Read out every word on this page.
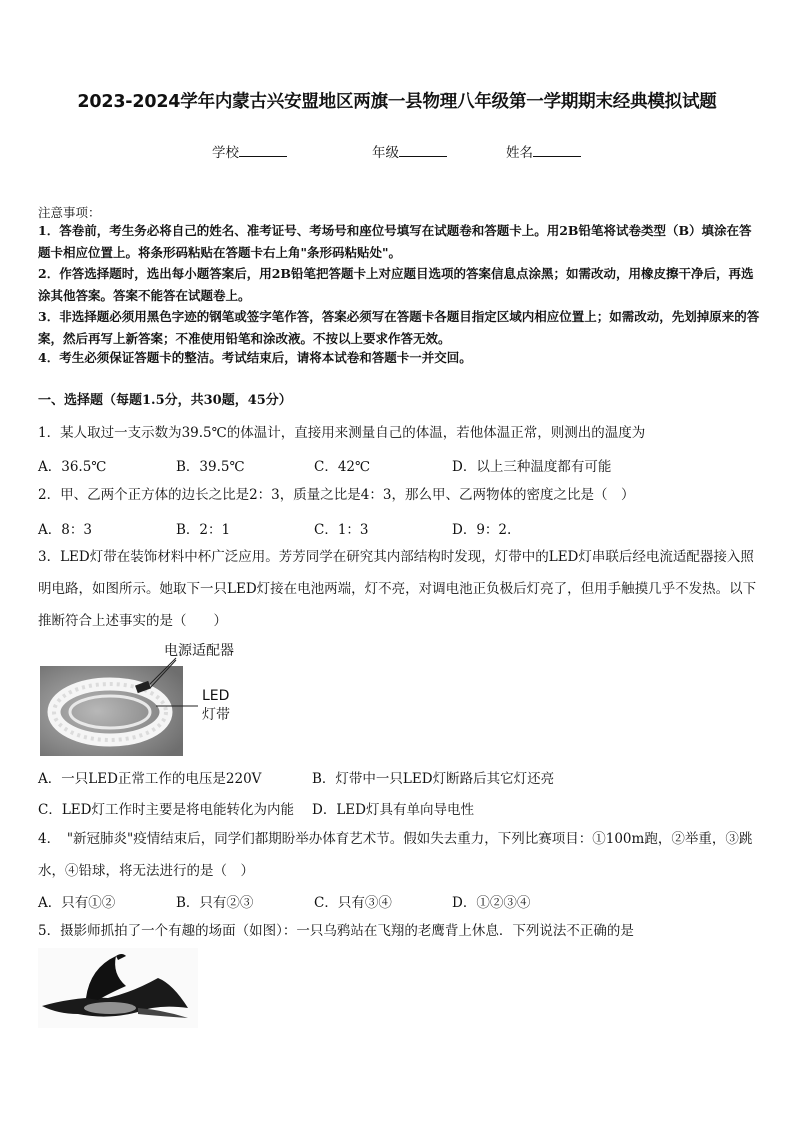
2023-2024学年内蒙古兴安盟地区两旗一县物理八年级第一学期期末经典模拟试题
学校	年级	姓名
注意事项：
1．答卷前，考生务必将自己的姓名、准考证号、考场号和座位号填写在试题卷和答题卡上。用2B铅笔将试卷类型（B）填涂在答题卡相应位置上。将条形码粘贴在答题卡右上角"条形码粘贴处"。
2．作答选择题时，选出每小题答案后，用2B铅笔把答题卡上对应题目选项的答案信息点涂黑；如需改动，用橡皮擦干净后，再选涂其他答案。答案不能答在试题卷上。
3．非选择题必须用黑色字迹的钢笔或签字笔作答，答案必须写在答题卡各题目指定区域内相应位置上；如需改动，先划掉原来的答案，然后再写上新答案；不准使用铅笔和涂改液。不按以上要求作答无效。
4．考生必须保证答题卡的整洁。考试结束后，请将本试卷和答题卡一并交回。
一、选择题（每题1.5分，共30题，45分）
1．某人取过一支示数为39.5℃的体温计，直接用来测量自己的体温，若他体温正常，则测出的温度为
A．36.5℃	B．39.5℃	C．42℃	D．以上三种温度都有可能
2．甲、乙两个正方体的边长之比是2：3，质量之比是4：3，那么甲、乙两物体的密度之比是（　）
A．8：3	B．2：1	C．1：3	D．9：2.
3．LED灯带在装饰材料中杯广泛应用。芳芳同学在研究其内部结构时发现，灯带中的LED灯串联后经电流适配器接入照明电路，如图所示。她取下一只LED灯接在电池两端，灯不亮，对调电池正负极后灯亮了，但用手触摸几乎不发热。以下推断符合上述事实的是（　　）
电源适配器
LED
灯带
A．一只LED正常工作的电压是220V	B．灯带中一只LED灯断路后其它灯还亮
C．LED灯工作时主要是将电能转化为内能 D．LED灯具有单向导电性
4．　"新冠肺炎"疫情结束后，同学们都期盼举办体育艺术节。假如失去重力，下列比赛项目：①100m跑，②举重，③跳水，④铅球，将无法进行的是（　）
A．只有①②	B．只有②③	C．只有③④	D．①②③④
5．摄影师抓拍了一个有趣的场面（如图）：一只乌鸦站在飞翔的老鹰背上休息．下列说法不正确的是
